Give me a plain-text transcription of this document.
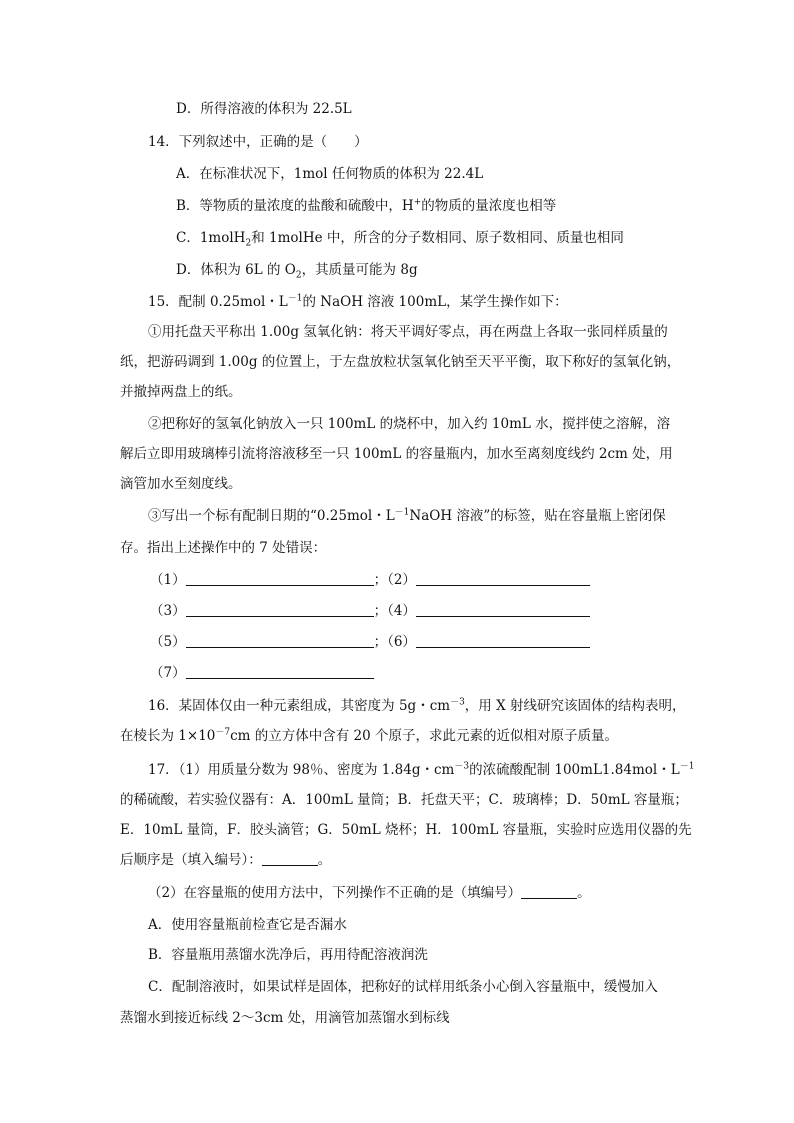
D．所得溶液的体积为 22.5L
14．下列叙述中，正确的是（　　）
A．在标准状况下，1mol 任何物质的体积为 22.4L
B．等物质的量浓度的盐酸和硫酸中，H+的物质的量浓度也相等
C．1molH$_2$和 1molHe 中，所含的分子数相同、原子数相同、质量也相同
D．体积为 6L 的 $O_2$，其质量可能为 8g
15．配制 0.25mol・$L^{-1}$的 NaOH 溶液 100mL，某学生操作如下：
①用托盘天平称出 1.00g 氢氧化钠：将天平调好零点，再在两盘上各取一张同样质量的
纸，把游码调到 1.00g 的位置上，于左盘放粒状氢氧化钠至天平平衡，取下称好的氢氧化钠，
并撤掉两盘上的纸。
②把称好的氢氧化钠放入一只 100mL 的烧杯中，加入约 10mL 水，搅拌使之溶解，溶
解后立即用玻璃棒引流将溶液移至一只 100mL 的容量瓶内，加水至离刻度线约 2cm 处，用
滴管加水至刻度线。
③写出一个标有配制日期的“0.25mol・$L^{-1}NaOH$ 溶液”的标签，贴在容量瓶上密闭保
存。指出上述操作中的 7 处错误：
（1）	；（2）
（3）	；（4）
（5）	；（6）
（7）
16．某固体仅由一种元素组成，其密度为 5g・$cm^{-3}$，用 X 射线研究该固体的结构表明，
在棱长为 $1\times 10^{-7}cm$ 的立方体中含有 20 个原子，求此元素的近似相对原子质量。
17．（1）用质量分数为 98％、密度为 1.84g・$cm^{-3}$的浓硫酸配制 100mL1.84mol・$L^{-1}$
的稀硫酸，若实验仪器有：A．100mL 量筒；B．托盘天平；C．玻璃棒；D．50mL 容量瓶；
E．10mL 量筒，F．胶头滴管；G．50mL 烧杯；H．100mL 容量瓶，实验时应选用仪器的先
后顺序是（填入编号）：	。
（2）在容量瓶的使用方法中，下列操作不正确的是（填编号）	。
A．使用容量瓶前检查它是否漏水
B．容量瓶用蒸馏水洗净后，再用待配溶液润洗
C．配制溶液时，如果试样是固体，把称好的试样用纸条小心倒入容量瓶中，缓慢加入
蒸馏水到接近标线 2～3cm 处，用滴管加蒸馏水到标线
